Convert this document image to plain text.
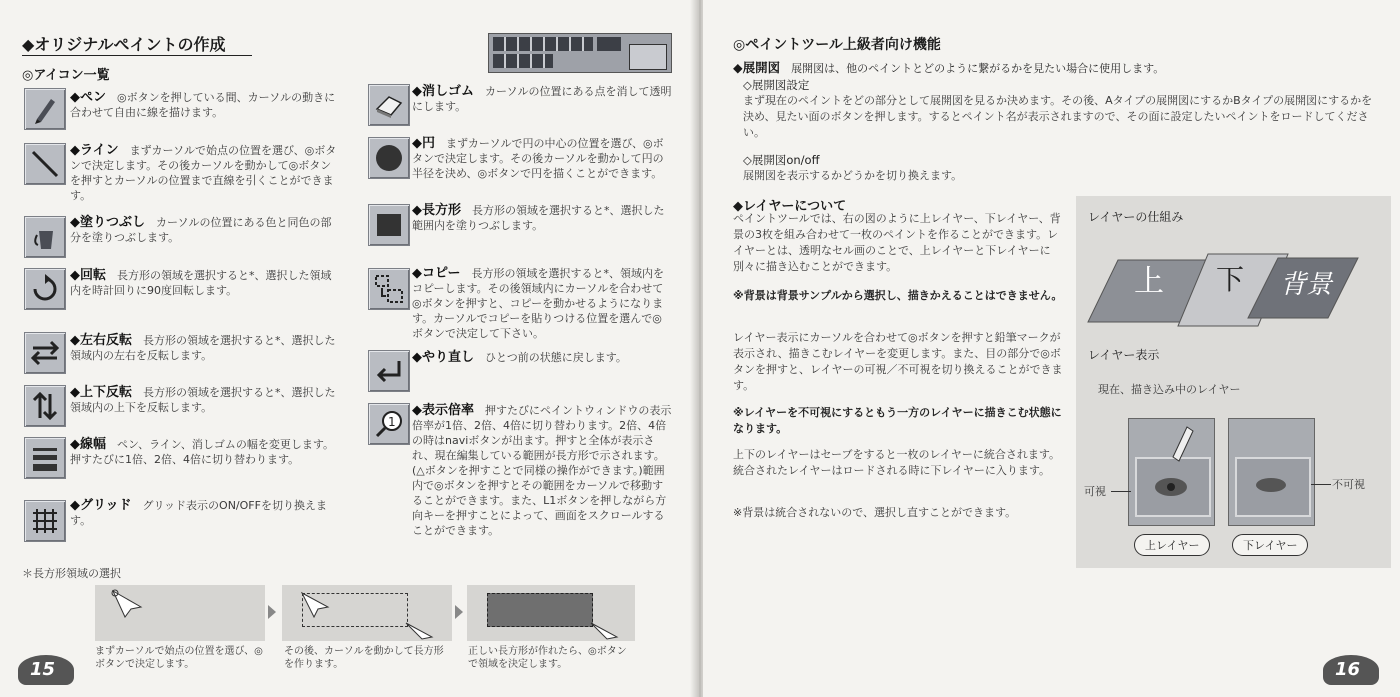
◆オリジナルペイントの作成
◎アイコン一覧
◆ペン　 ◎ボタンを押している間、カーソルの動きに合わせて自由に線を描けます。
◆ライン　 まずカーソルで始点の位置を選び、◎ボタンで決定します。その後カーソルを動かして◎ボタンを押すとカーソルの位置まで直線を引くことができます。
◆塗りつぶし　 カーソルの位置にある色と同色の部分を塗りつぶします。
◆回転　 長方形の領域を選択すると*、選択した領域内を時計回りに90度回転します。
◆左右反転　 長方形の領域を選択すると*、選択した領域内の左右を反転します。
◆上下反転　 長方形の領域を選択すると*、選択した領域内の上下を反転します。
◆線幅　 ペン、ライン、消しゴムの幅を変更します。押すたびに1倍、2倍、4倍に切り替わります。
◆グリッド　 グリッド表示のON/OFFを切り換えます。
◆消しゴム　 カーソルの位置にある点を消して透明にします。
◆円　 まずカーソルで円の中心の位置を選び、◎ボタンで決定します。その後カーソルを動かして円の半径を決め、◎ボタンで円を描くことができます。
◆長方形　 長方形の領域を選択すると*、選択した範囲内を塗りつぶします。
◆コピー　 長方形の領域を選択すると*、領域内をコピーします。その後領域内にカーソルを合わせて◎ボタンを押すと、コピーを動かせるようになります。カーソルでコピーを貼りつける位置を選んで◎ボタンで決定して下さい。
◆やり直し　 ひとつ前の状態に戻します。
1
◆表示倍率　 押すたびにペイントウィンドウの表示倍率が1倍、2倍、4倍に切り替わります。2倍、4倍の時はnaviボタンが出ます。押すと全体が表示され、現在編集している範囲が長方形で示されます。(△ボタンを押すことで同様の操作ができます。)範囲内で◎ボタンを押すとその範囲をカーソルで移動することができます。また、L1ボタンを押しながら方向キーを押すことによって、画面をスクロールすることができます。
＊長方形領域の選択
まずカーソルで始点の位置を選び、◎ボタンで決定します。
その後、カーソルを動かして長方形を作ります。
正しい長方形が作れたら、◎ボタンで領域を決定します。
15
◎ペイントツール上級者向け機能
◆展開図　 展開図は、他のペイントとどのように繋がるかを見たい場合に使用します。
◇展開図設定
まず現在のペイントをどの部分として展開図を見るか決めます。その後、Aタイプの展開図にするかBタイプの展開図にするかを決め、見たい面のボタンを押します。するとペイント名が表示されますので、その面に設定したいペイントをロードしてください。
◇展開図on/off
展開図を表示するかどうかを切り換えます。
◆レイヤーについて
ペイントツールでは、右の図のように上レイヤー、下レイヤー、背景の3枚を組み合わせて一枚のペイントを作ることができます。レイヤーとは、透明なセル画のことで、上レイヤーと下レイヤーに別々に描き込むことができます。
※背景は背景サンプルから選択し、描きかえることはできません。
レイヤー表示にカーソルを合わせて◎ボタンを押すと鉛筆マークが表示され、描きこむレイヤーを変更します。また、目の部分で◎ボタンを押すと、レイヤーの可視／不可視を切り換えることができます。
※レイヤーを不可視にするともう一方のレイヤーに描きこむ状態になります。
上下のレイヤーはセーブをすると一枚のレイヤーに統合されます。統合されたレイヤーはロードされる時に下レイヤーに入ります。
※背景は統合されないので、選択し直すことができます。
レイヤーの仕組み
上 下 背景
レイヤー表示
現在、描き込み中のレイヤー
可視
不可視
上レイヤー	下レイヤー
16
